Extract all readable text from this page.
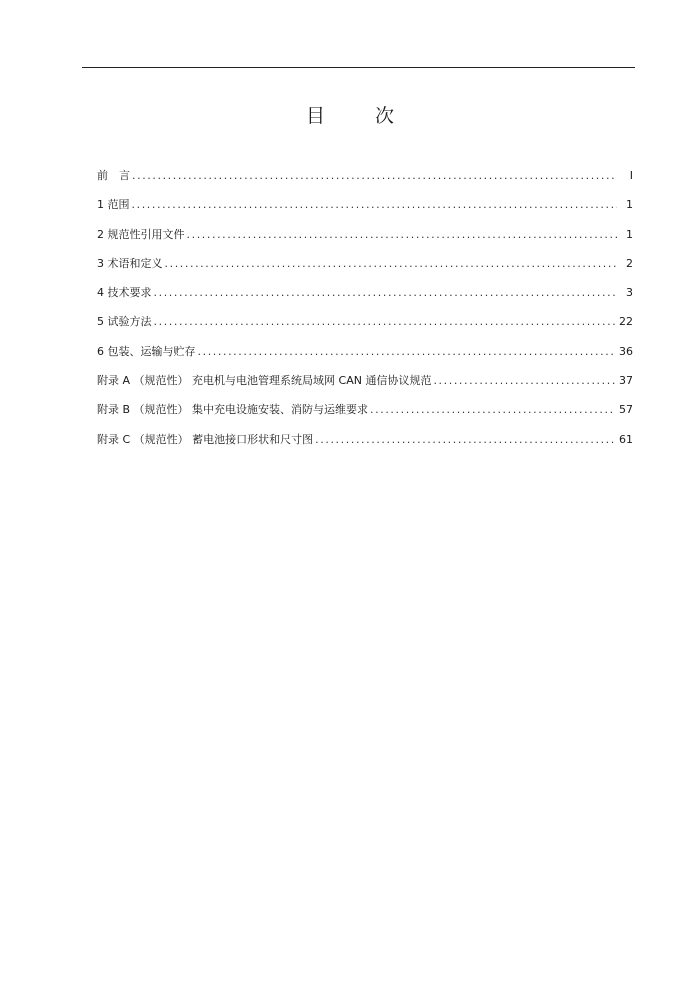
目 次
前　言 .....	I
1 范围 .....	1
2 规范性引用文件 .....	1
3 术语和定义 .....	2
4 技术要求 .....	3
5 试验方法 .....	22
6 包装、运输与贮存 .....	36
附录 A （规范性） 充电机与电池管理系统局域网 CAN 通信协议规范 .....	37
附录 B （规范性） 集中充电设施安装、消防与运维要求 .....	57
附录 C （规范性） 蓄电池接口形状和尺寸图 .....	61
